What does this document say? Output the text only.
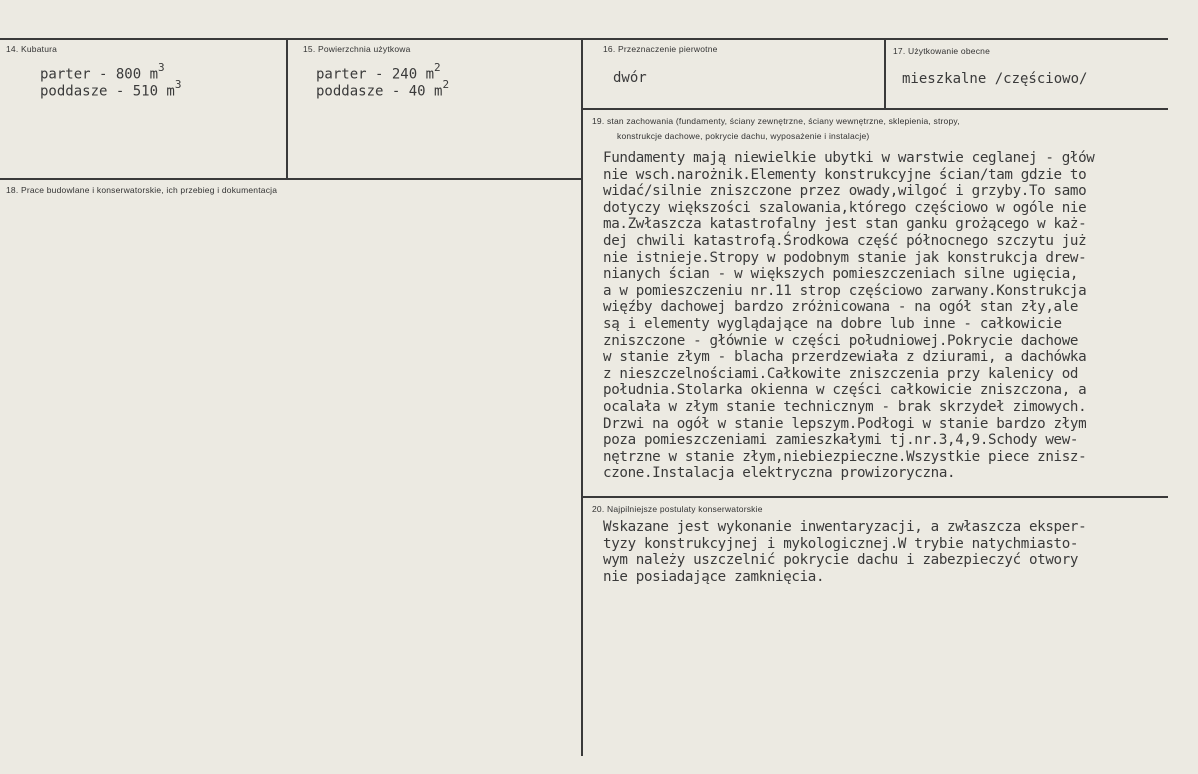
14. Kubatura
parter - 800 $m^3$
poddasze - 510 $m^3$
15. Powierzchnia użytkowa
parter - 240 $m^2$
poddasze - 40 $m^2$
16. Przeznaczenie pierwotne
dwór
17. Użytkowanie obecne
mieszkalne /częściowo/
18. Prace budowlane i konserwatorskie, ich przebieg i dokumentacja
19. stan zachowania (fundamenty, ściany zewnętrzne, ściany wewnętrzne, sklepienia, stropy,
konstrukcje dachowe, pokrycie dachu, wyposażenie i instalacje)
Fundamenty mają niewielkie ubytki w warstwie ceglanej - głów
nie wsch.narożnik.Elementy konstrukcyjne ścian/tam gdzie to
widać/silnie zniszczone przez owady,wilgoć i grzyby.To samo
dotyczy większości szalowania,którego częściowo w ogóle nie
ma.Zwłaszcza katastrofalny jest stan ganku grożącego w każ-
dej chwili katastrofą.Środkowa część północnego szczytu już
nie istnieje.Stropy w podobnym stanie jak konstrukcja drew-
nianych ścian - w większych pomieszczeniach silne ugięcia,
a w pomieszczeniu nr.11 strop częściowo zarwany.Konstrukcja
więźby dachowej bardzo zróżnicowana - na ogół stan zły,ale
są i elementy wyglądające na dobre lub inne - całkowicie
zniszczone - głównie w części południowej.Pokrycie dachowe
w stanie złym - blacha przerdzewiała z dziurami, a dachówka
z nieszczelnościami.Całkowite zniszczenia przy kalenicy od
południa.Stolarka okienna w części całkowicie zniszczona, a
ocalała w złym stanie technicznym - brak skrzydeł zimowych.
Drzwi na ogół w stanie lepszym.Podłogi w stanie bardzo złym
poza pomieszczeniami zamieszkałymi tj.nr.3,4,9.Schody wew-
nętrzne w stanie złym,niebiezpieczne.Wszystkie piece znisz-
czone.Instalacja elektryczna prowizoryczna.
20. Najpilniejsze postulaty konserwatorskie
Wskazane jest wykonanie inwentaryzacji, a zwłaszcza eksper-
tyzy konstrukcyjnej i mykologicznej.W trybie natychmiasto-
wym należy uszczelnić pokrycie dachu i zabezpieczyć otwory
nie posiadające zamknięcia.
